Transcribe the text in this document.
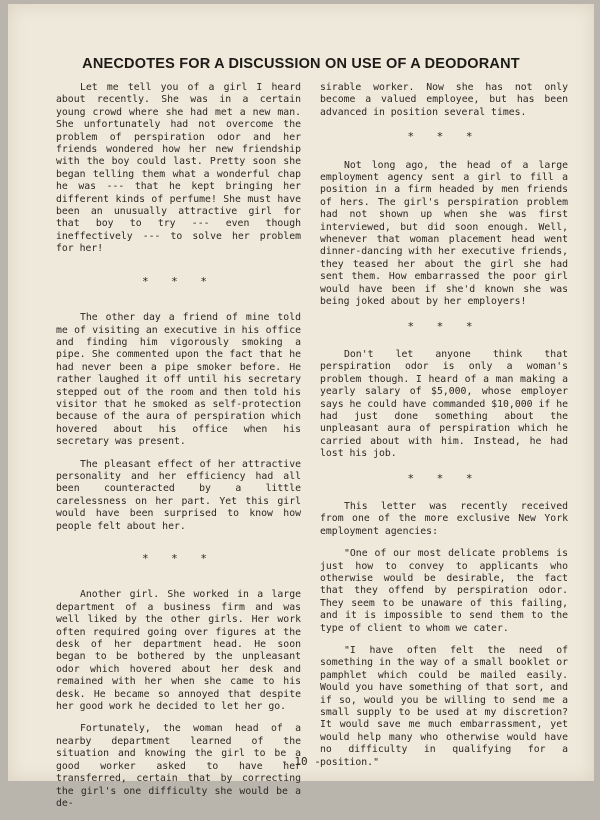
ANECDOTES FOR A DISCUSSION ON USE OF A DEODORANT

Let me tell you of a girl I heard about recently. She was in a certain young crowd where she had met a new man. She unfortunately had not overcome the problem of perspiration odor and her friends wondered how her new friendship with the boy could last. Pretty soon she began telling them what a wonderful chap he was --- that he kept bringing her different kinds of perfume! She must have been an unusually attractive girl for that boy to try --- even though ineffectively --- to solve her problem for her!

* * *

The other day a friend of mine told me of visiting an executive in his office and finding him vigorously smoking a pipe. She commented upon the fact that he had never been a pipe smoker before. He rather laughed it off until his secretary stepped out of the room and then told his visitor that he smoked as self-protection because of the aura of perspiration which hovered about his office when his secretary was present.

The pleasant effect of her attractive personality and her efficiency had all been counteracted by a little carelessness on her part. Yet this girl would have been surprised to know how people felt about her.

* * *

Another girl. She worked in a large department of a business firm and was well liked by the other girls. Her work often required going over figures at the desk of her department head. He soon began to be bothered by the unpleasant odor which hovered about her desk and remained with her when she came to his desk. He became so annoyed that despite her good work he decided to let her go.

Fortunately, the woman head of a nearby department learned of the situation and knowing the girl to be a good worker asked to have her transferred, certain that by correcting the girl's one difficulty she would be a de-

sirable worker. Now she has not only become a valued employee, but has been advanced in position several times.

* * *

Not long ago, the head of a large employment agency sent a girl to fill a position in a firm headed by men friends of hers. The girl's perspiration problem had not shown up when she was first interviewed, but did soon enough. Well, whenever that woman placement head went dinner-dancing with her executive friends, they teased her about the girl she had sent them. How embarrassed the poor girl would have been if she'd known she was being joked about by her employers!

* * *

Don't let anyone think that perspiration odor is only a woman's problem though. I heard of a man making a yearly salary of $5,000, whose employer says he could have commanded $10,000 if he had just done something about the unpleasant aura of perspiration which he carried about with him. Instead, he had lost his job.

* * *

This letter was recently received from one of the more exclusive New York employment agencies:

"One of our most delicate problems is just how to convey to applicants who otherwise would be desirable, the fact that they offend by perspiration odor. They seem to be unaware of this failing, and it is impossible to send them to the type of client to whom we cater.

"I have often felt the need of something in the way of a small booklet or pamphlet which could be mailed easily. Would you have something of that sort, and if so, would you be willing to send me a small supply to be used at my discretion? It would save me much embarrassment, yet would help many who otherwise would have no difficulty in qualifying for a position."

- 10 -
